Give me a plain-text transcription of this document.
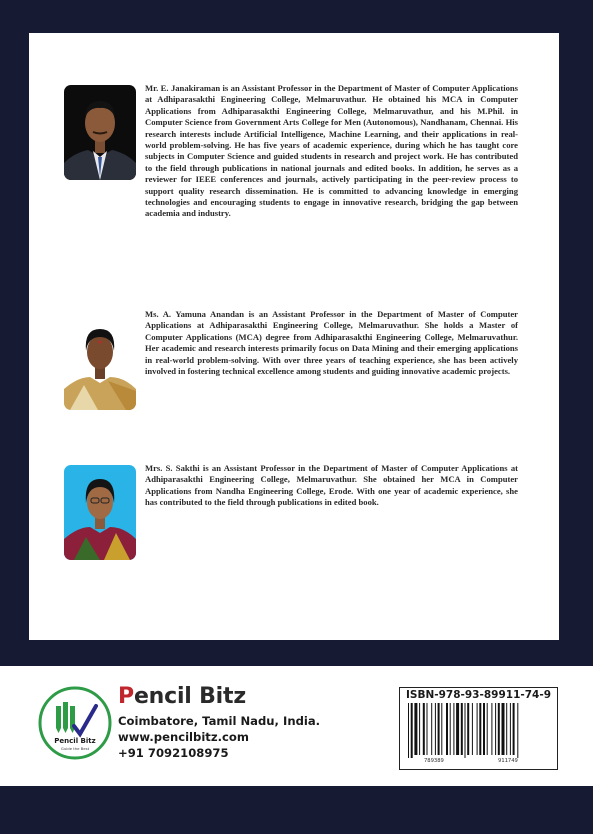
Mr. E. Janakiraman is an Assistant Professor in the Department of Master of Computer Applications at Adhiparasakthi Engineering College, Melmaruvathur. He obtained his MCA in Computer Applications from Adhiparasakthi Engineering College, Melmaruvathur, and his M.Phil. in Computer Science from Government Arts College for Men (Autonomous), Nandhanam, Chennai. His research interests include Artificial Intelligence, Machine Learning, and their applications in real-world problem-solving. He has five years of academic experience, during which he has taught core subjects in Computer Science and guided students in research and project work. He has contributed to the field through publications in national journals and edited books. In addition, he serves as a reviewer for IEEE conferences and journals, actively participating in the peer-review process to support quality research dissemination. He is committed to advancing knowledge in emerging technologies and encouraging students to engage in innovative research, bridging the gap between academia and industry.

Ms. A. Yamuna Anandan is an Assistant Professor in the Department of Master of Computer Applications at Adhiparasakthi Engineering College, Melmaruvathur. She holds a Master of Computer Applications (MCA) degree from Adhiparasakthi Engineering College, Melmaruvathur. Her academic and research interests primarily focus on Data Mining and their emerging applications in real-world problem-solving. With over three years of teaching experience, she has been actively involved in fostering technical excellence among students and guiding innovative academic projects.

Mrs. S. Sakthi is an Assistant Professor in the Department of Master of Computer Applications at Adhiparasakthi Engineering College, Melmaruvathur. She obtained her MCA in Computer Applications from Nandha Engineering College, Erode. With one year of academic experience, she has contributed to the field through publications in edited book.

Pencil Bitz
Guide the Best
Pencil Bitz
Coimbatore, Tamil Nadu, India.
www.pencilbitz.com
+91 7092108975
ISBN-978-93-89911-74-9
789389	911749
